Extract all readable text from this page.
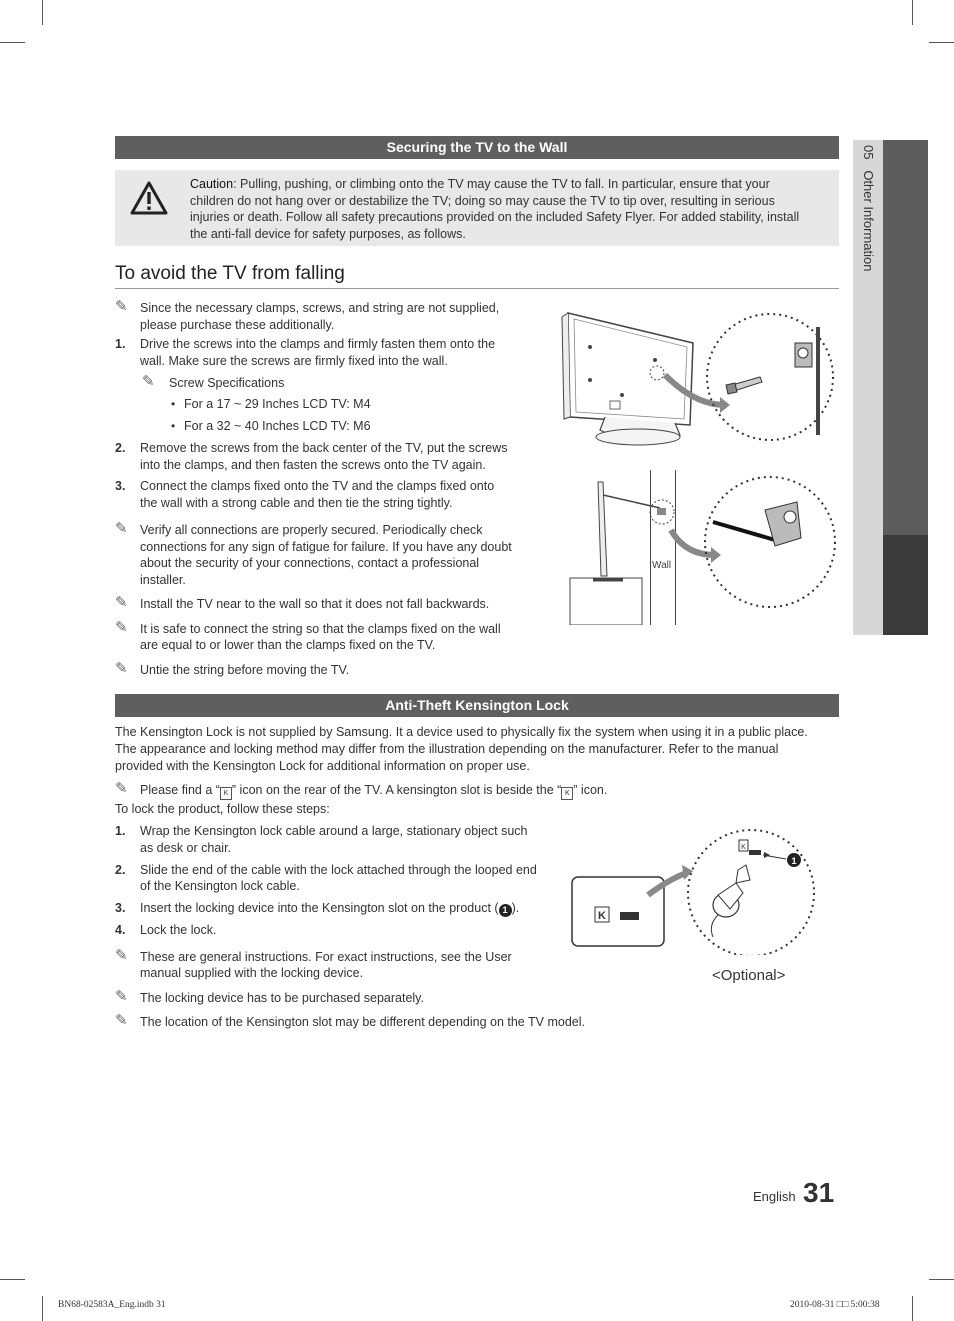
05   Other Information
Securing the TV to the Wall
Caution: Pulling, pushing, or climbing onto the TV may cause the TV to fall. In particular, ensure that your
children do not hang over or destabilize the TV; doing so may cause the TV to tip over, resulting in serious
injuries or death. Follow all safety precautions provided on the included Safety Flyer. For added stability, install
the anti-fall device for safety purposes, as follows.
To avoid the TV from falling
✎ Since the necessary clamps, screws, and string are not supplied,
please purchase these additionally.
1. Drive the screws into the clamps and firmly fasten them onto the
wall. Make sure the screws are firmly fixed into the wall.
✎ Screw Specifications
• For a 17 ~ 29 Inches LCD TV: M4
• For a 32 ~ 40 Inches LCD TV: M6
2. Remove the screws from the back center of the TV, put the screws
into the clamps, and then fasten the screws onto the TV again.
3. Connect the clamps fixed onto the TV and the clamps fixed onto
the wall with a strong cable and then tie the string tightly.
✎ Verify all connections are properly secured. Periodically check
connections for any sign of fatigue for failure. If you have any doubt
about the security of your connections, contact a professional
installer.
✎ Install the TV near to the wall so that it does not fall backwards.
✎ It is safe to connect the string so that the clamps fixed on the wall
are equal to or lower than the clamps fixed on the TV.
✎ Untie the string before moving the TV.
Wall
Anti-Theft Kensington Lock
The Kensington Lock is not supplied by Samsung. It a device used to physically fix the system when using it in a public place.
The appearance and locking method may differ from the illustration depending on the manufacturer. Refer to the manual
provided with the Kensington Lock for additional information on proper use.
✎ Please find a “ K ” icon on the rear of the TV. A kensington slot is beside the “ K ” icon.
To lock the product, follow these steps:
1. Wrap the Kensington lock cable around a large, stationary object such
as desk or chair.
2. Slide the end of the cable with the lock attached through the looped end
of the Kensington lock cable.
3. Insert the locking device into the Kensington slot on the product ( 1 ).
4. Lock the lock.
✎ These are general instructions. For exact instructions, see the User
manual supplied with the locking device.
✎ The locking device has to be purchased separately.
✎ The location of the Kensington slot may be different depending on the TV model.
K
K
1
<Optional>
English 31
BN68-02583A_Eng.indb 31	2010-08-31 □□ 5:00:38
